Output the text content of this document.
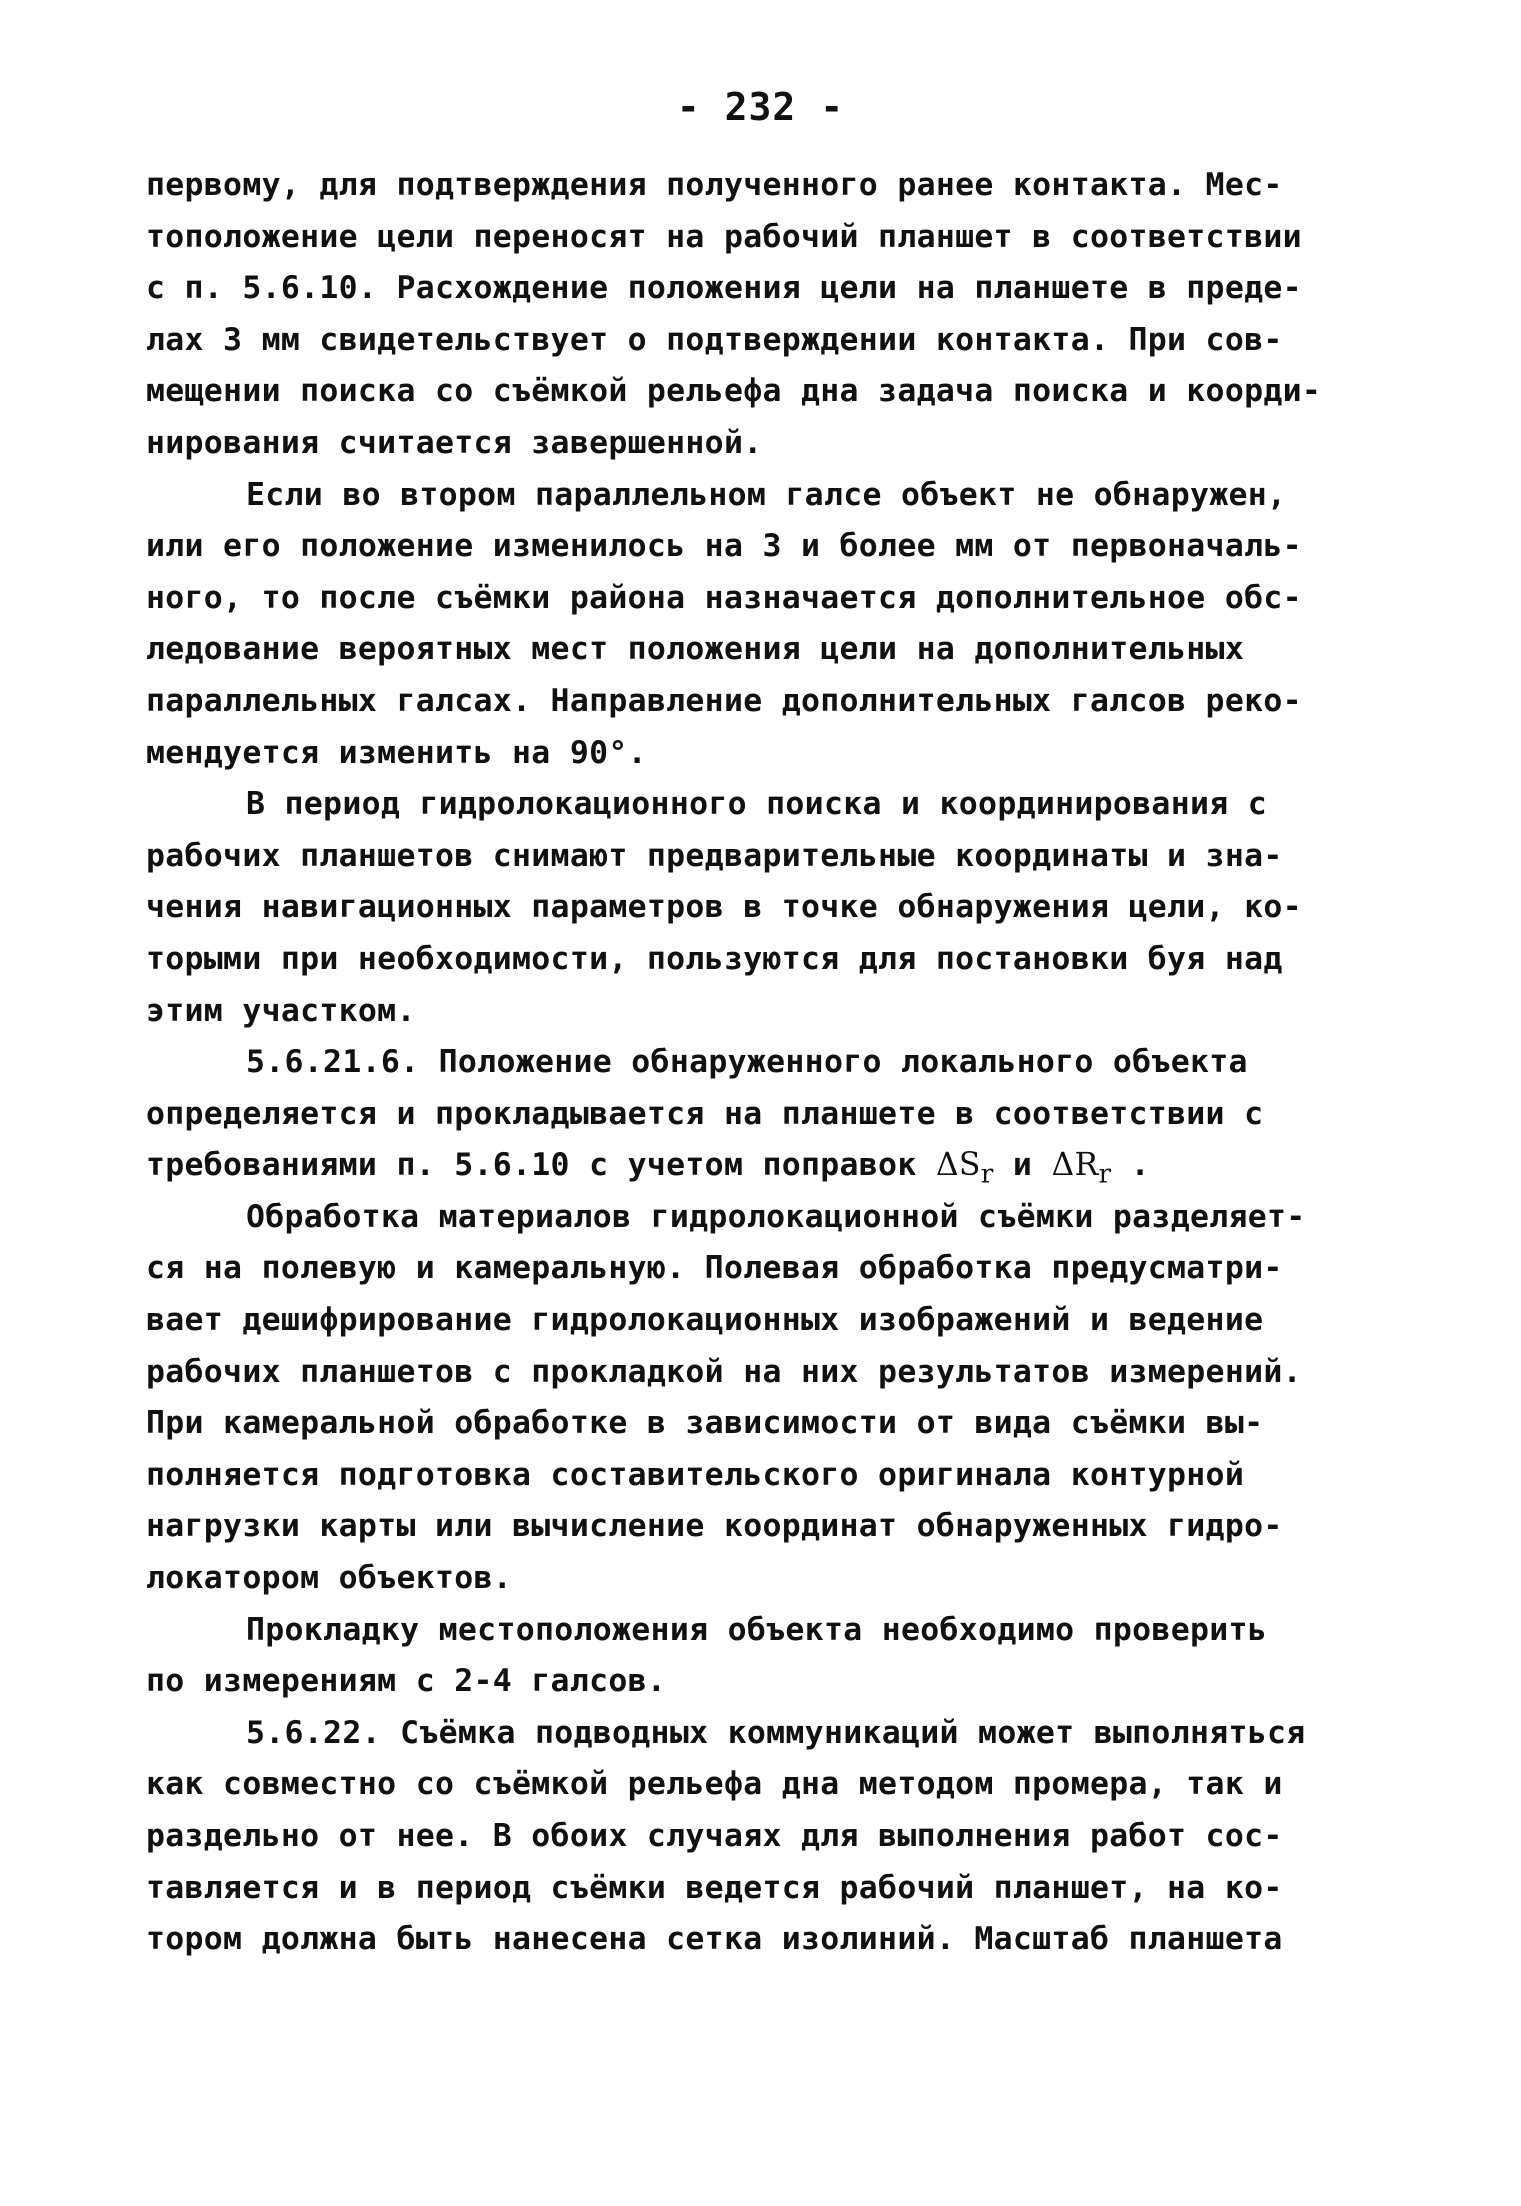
- 232 -
первому, для подтверждения полученного ранее контакта. Мес-
тоположение цели переносят на рабочий планшет в соответствии
с п. 5.6.10. Расхождение положения цели на планшете в преде-
лах 3 мм свидетельствует о подтверждении контакта. При сов-
мещении поиска со съёмкой рельефа дна задача поиска и коорди-
нирования считается завершенной.
Если во втором параллельном галсе объект не обнаружен,
или его положение изменилось на 3 и более мм от первоначаль-
ного, то после съёмки района назначается дополнительное обс-
ледование вероятных мест положения цели на дополнительных
параллельных галсах. Направление дополнительных галсов реко-
мендуется изменить на 90°.
В период гидролокационного поиска и координирования с
рабочих планшетов снимают предварительные координаты и зна-
чения навигационных параметров в точке обнаружения цели, ко-
торыми при необходимости, пользуются для постановки буя над
этим участком.
5.6.21.6. Положение обнаруженного локального объекта
определяется и прокладывается на планшете в соответствии с
требованиями п. 5.6.10 с учетом поправок $\Delta S_r$ и $\Delta R_r$ .
Обработка материалов гидролокационной съёмки разделяет-
ся на полевую и камеральную. Полевая обработка предусматри-
вает дешифрирование гидролокационных изображений и ведение
рабочих планшетов с прокладкой на них результатов измерений.
При камеральной обработке в зависимости от вида съёмки вы-
полняется подготовка составительского оригинала контурной
нагрузки карты или вычисление координат обнаруженных гидро-
локатором объектов.
Прокладку местоположения объекта необходимо проверить
по измерениям с 2-4 галсов.
5.6.22. Съёмка подводных коммуникаций может выполняться
как совместно со съёмкой рельефа дна методом промера, так и
раздельно от нее. В обоих случаях для выполнения работ сос-
тавляется и в период съёмки ведется рабочий планшет, на ко-
тором должна быть нанесена сетка изолиний. Масштаб планшета
